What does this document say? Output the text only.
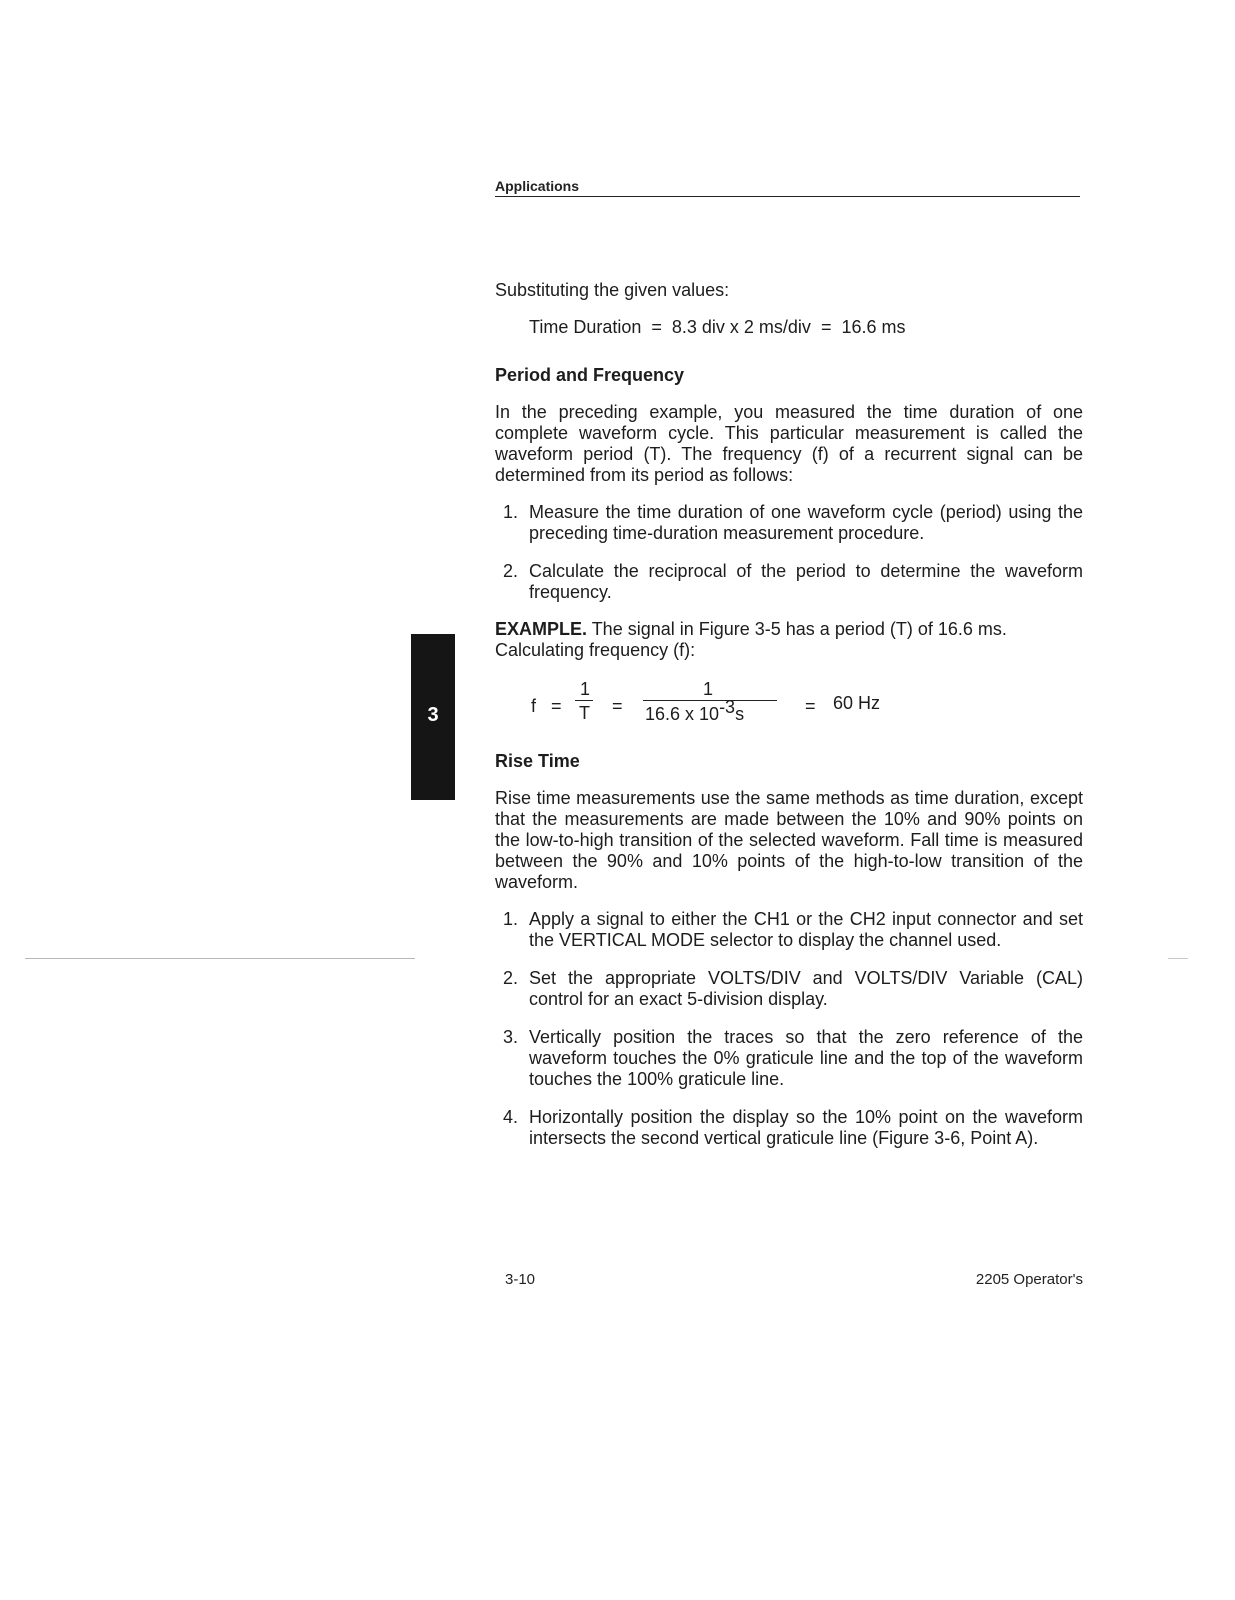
Applications
3

Substituting the given values:

Time Duration  =  8.3 div x 2 ms/div  =  16.6 ms

Period and Frequency

In the preceding example, you measured the time duration of one complete waveform cycle. This particular measurement is called the waveform period (T). The frequency (f) of a recurrent signal can be determined from its period as follows:

1. Measure the time duration of one waveform cycle (period) using the preceding time-duration measurement procedure.
2. Calculate the reciprocal of the period to determine the waveform frequency.

EXAMPLE. The signal in Figure 3-5 has a period (T) of 16.6 ms.

Calculating frequency (f):

f =
1
T =
1
16.6 x 10-3s	= 60 Hz

Rise Time

Rise time measurements use the same methods as time duration, except that the measurements are made between the 10% and 90% points on the low-to-high transition of the selected waveform. Fall time is measured between the 90% and 10% points of the high-to-low transition of the waveform.

1. Apply a signal to either the CH1 or the CH2 input connector and set the VERTICAL MODE selector to display the channel used.
2. Set the appropriate VOLTS/DIV and VOLTS/DIV Variable (CAL) control for an exact 5-division display.
3. Vertically position the traces so that the zero reference of the waveform touches the 0% graticule line and the top of the waveform touches the 100% graticule line.
4. Horizontally position the display so the 10% point on the waveform intersects the second vertical graticule line (Figure 3-6, Point A).
3-10	2205 Operator's
